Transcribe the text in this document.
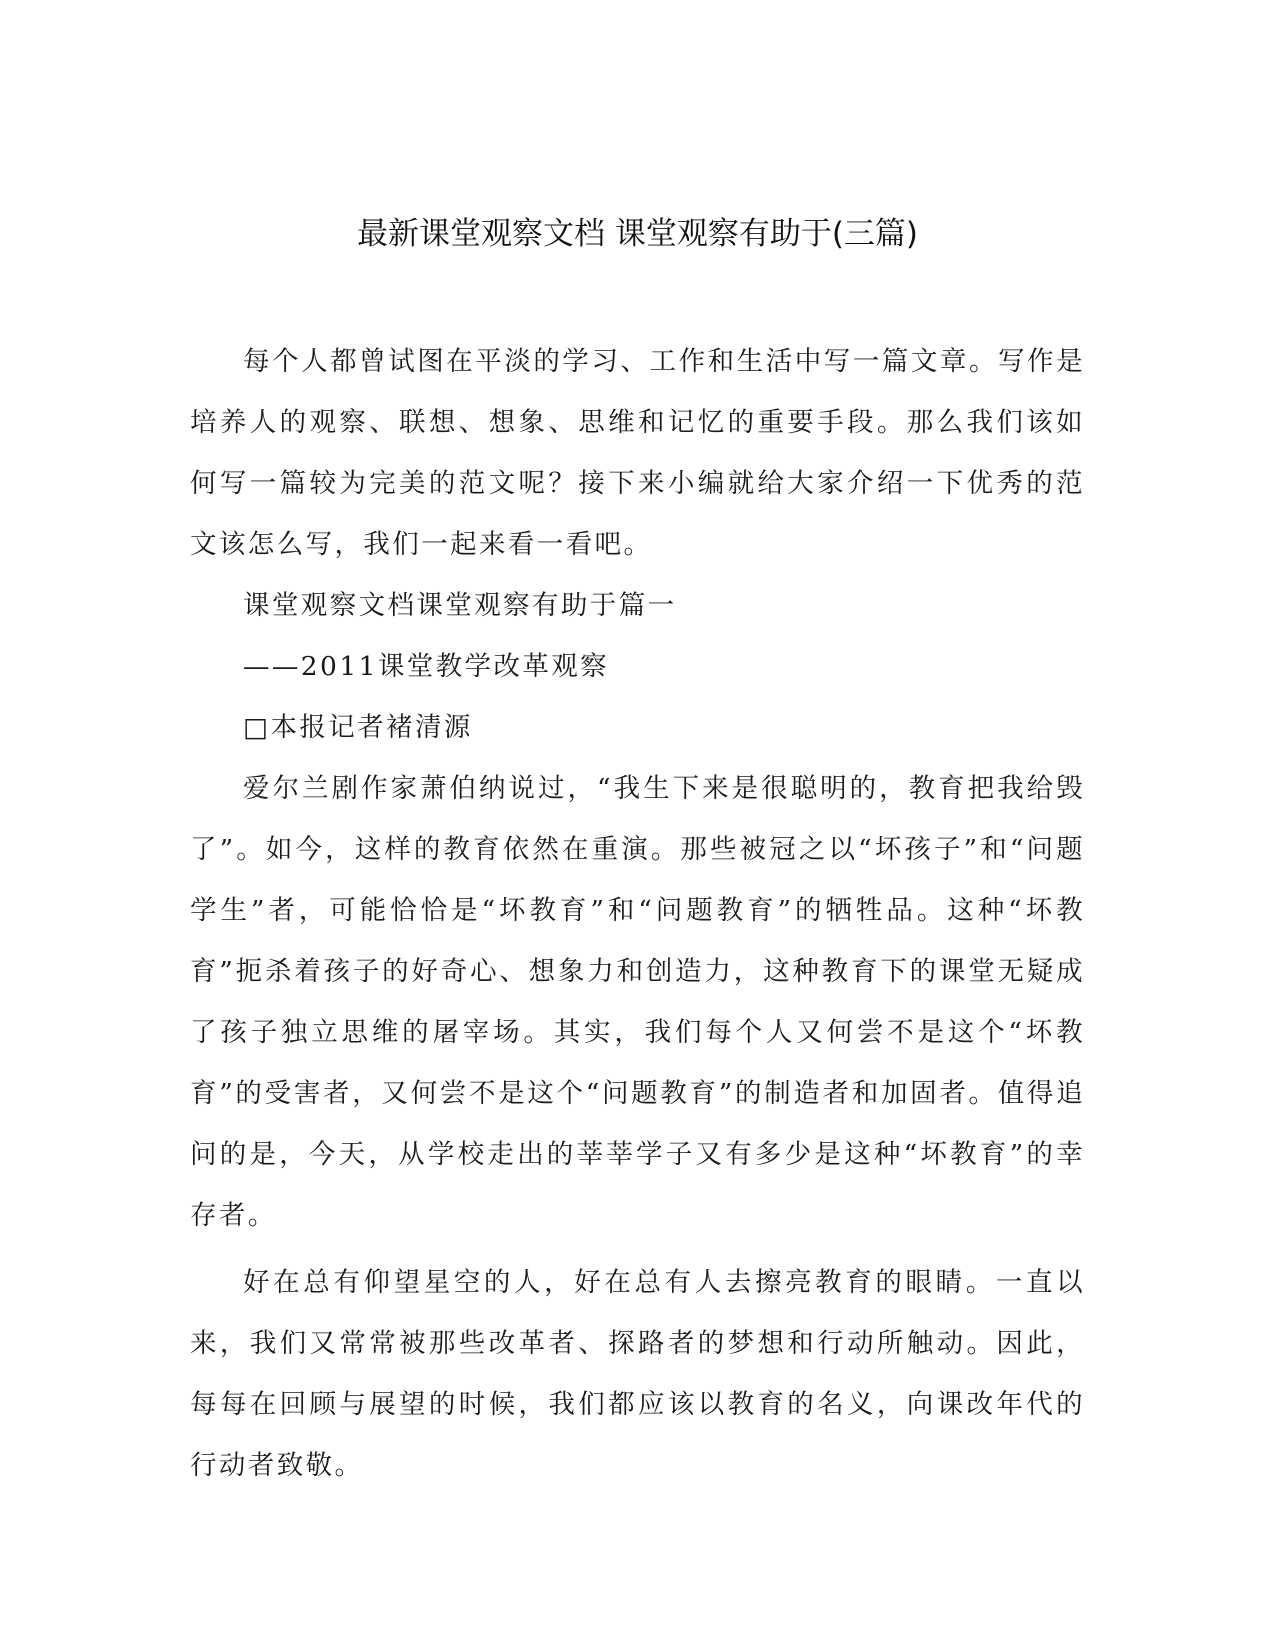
最新课堂观察文档 课堂观察有助于(三篇)

每个人都曾试图在平淡的学习、工作和生活中写一篇文章。写作是培养人的观察、联想、想象、思维和记忆的重要手段。那么我们该如何写一篇较为完美的范文呢？接下来小编就给大家介绍一下优秀的范文该怎么写，我们一起来看一看吧。

课堂观察文档课堂观察有助于篇一

——2011课堂教学改革观察

□本报记者褚清源

爱尔兰剧作家萧伯纳说过，“我生下来是很聪明的，教育把我给毁了”。如今，这样的教育依然在重演。那些被冠之以“坏孩子”和“问题学生”者，可能恰恰是“坏教育”和“问题教育”的牺牲品。这种“坏教育”扼杀着孩子的好奇心、想象力和创造力，这种教育下的课堂无疑成了孩子独立思维的屠宰场。其实，我们每个人又何尝不是这个“坏教育”的受害者，又何尝不是这个“问题教育”的制造者和加固者。值得追问的是，今天，从学校走出的莘莘学子又有多少是这种“坏教育”的幸存者。

好在总有仰望星空的人，好在总有人去擦亮教育的眼睛。一直以来，我们又常常被那些改革者、探路者的梦想和行动所触动。因此，每每在回顾与展望的时候，我们都应该以教育的名义，向课改年代的行动者致敬。
